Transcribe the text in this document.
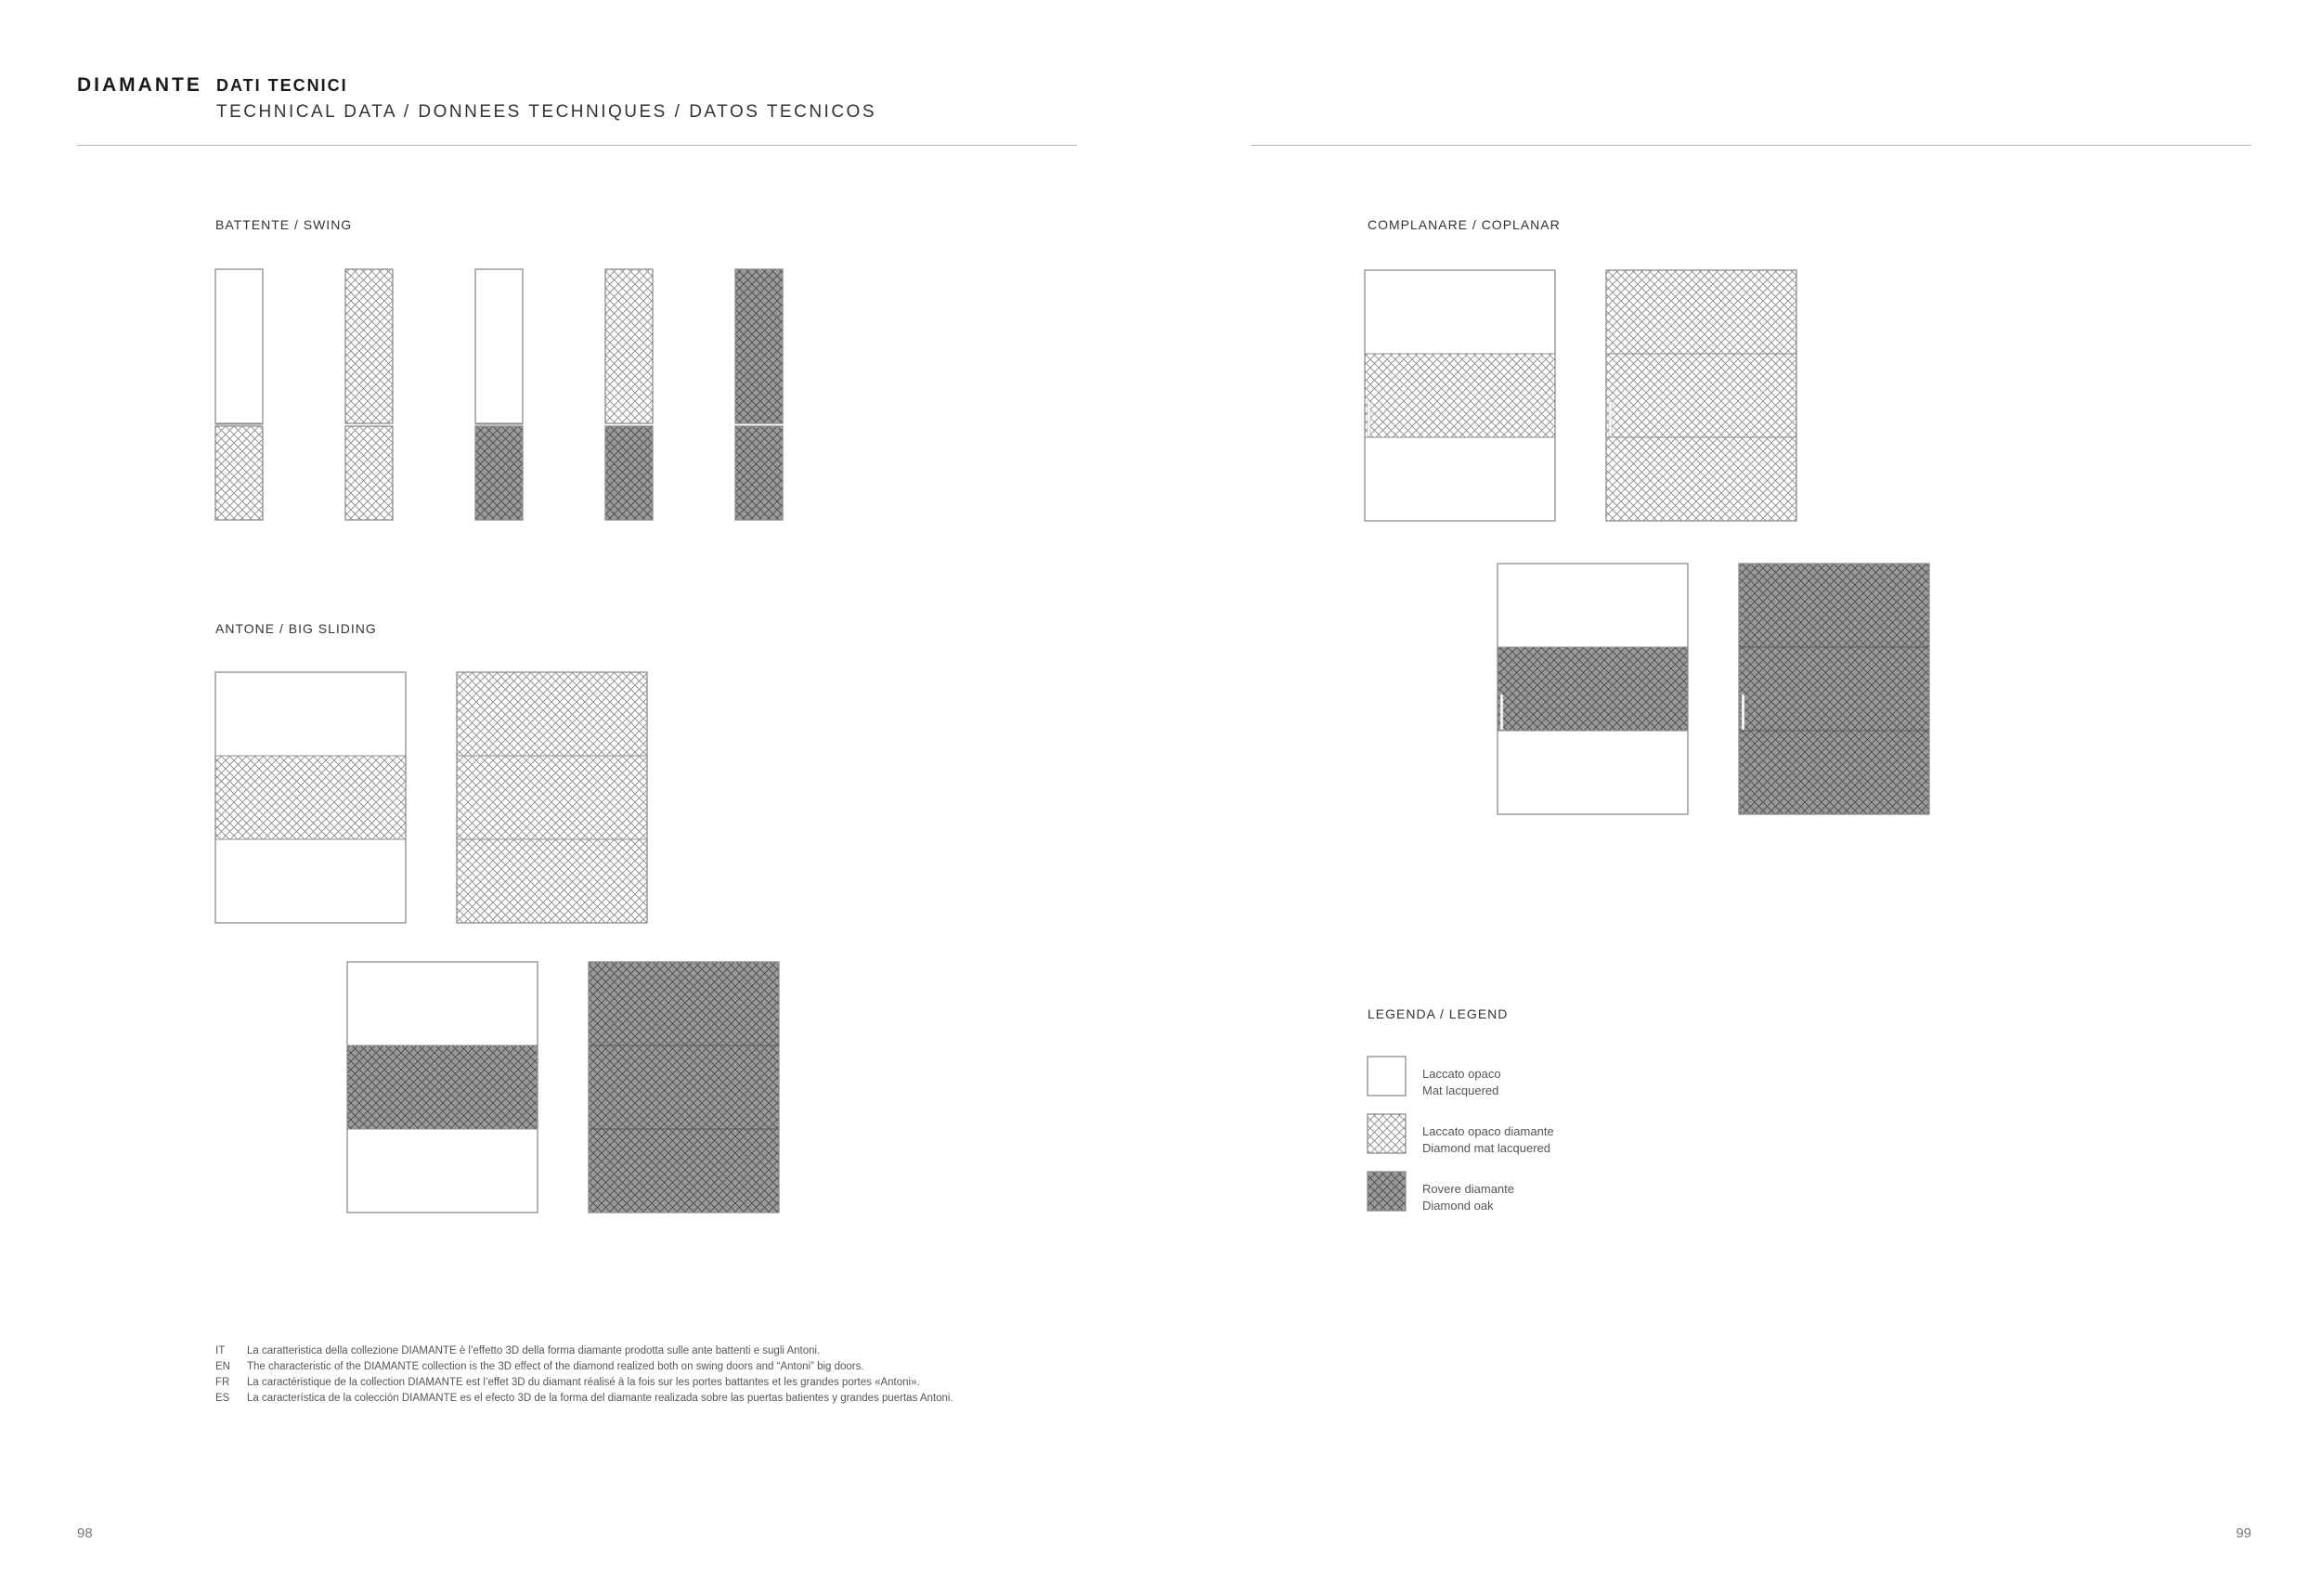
DIAMANTE DATI TECNICI
TECHNICAL DATA / DONNEES TECHNIQUES / DATOS TECNICOS
BATTENTE / SWING
ANTONE / BIG SLIDING
COMPLANARE / COPLANAR
LEGENDA / LEGEND
Laccato opaco
Mat lacquered
Laccato opaco diamante
Diamond mat lacquered
Rovere diamante
Diamond oak
IT La caratteristica della collezione DIAMANTE è l’effetto 3D della forma diamante prodotta sulle ante battenti e sugli Antoni.
EN The characteristic of the DIAMANTE collection is the 3D effect of the diamond realized both on swing doors and “Antoni” big doors.
FR La caractéristique de la collection DIAMANTE est l’effet 3D du diamant réalisé à la fois sur les portes battantes et les grandes portes «Antoni».
ES La característica de la colección DIAMANTE es el efecto 3D de la forma del diamante realizada sobre las puertas batientes y grandes puertas Antoni.
98	99
